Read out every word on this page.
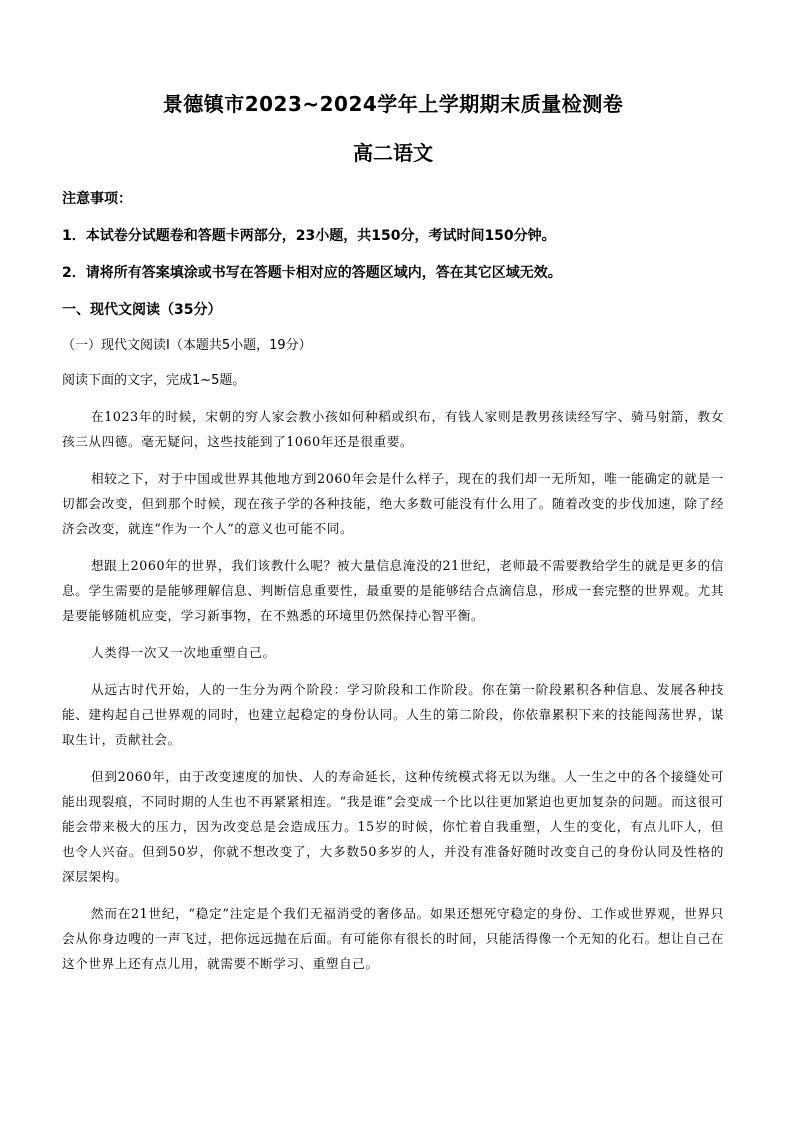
景德镇市2023~2024学年上学期期末质量检测卷
高二语文

注意事项：

1．本试卷分试题卷和答题卡两部分，23小题，共150分，考试时间150分钟。

2．请将所有答案填涂或书写在答题卡相对应的答题区域内，答在其它区域无效。

一、现代文阅读（35分）

（一）现代文阅读Ⅰ（本题共5小题，19分）

阅读下面的文字，完成1~5题。

在1023年的时候，宋朝的穷人家会教小孩如何种稻或织布，有钱人家则是教男孩读经写字、骑马射箭，教女孩三从四德。毫无疑问，这些技能到了1060年还是很重要。

相较之下，对于中国或世界其他地方到2060年会是什么样子，现在的我们却一无所知，唯一能确定的就是一切都会改变，但到那个时候，现在孩子学的各种技能，绝大多数可能没有什么用了。随着改变的步伐加速，除了经济会改变，就连“作为一个人”的意义也可能不同。

想跟上2060年的世界，我们该教什么呢？被大量信息淹没的21世纪，老师最不需要教给学生的就是更多的信息。学生需要的是能够理解信息、判断信息重要性，最重要的是能够结合点滴信息，形成一套完整的世界观。尤其是要能够随机应变，学习新事物，在不熟悉的环境里仍然保持心智平衡。

人类得一次又一次地重塑自己。

从远古时代开始，人的一生分为两个阶段：学习阶段和工作阶段。你在第一阶段累积各种信息、发展各种技能、建构起自己世界观的同时，也建立起稳定的身份认同。人生的第二阶段，你依靠累积下来的技能闯荡世界，谋取生计，贡献社会。

但到2060年，由于改变速度的加快、人的寿命延长，这种传统模式将无以为继。人一生之中的各个接缝处可能出现裂痕，不同时期的人生也不再紧紧相连。“我是谁”会变成一个比以往更加紧迫也更加复杂的问题。而这很可能会带来极大的压力，因为改变总是会造成压力。15岁的时候，你忙着自我重塑，人生的变化，有点儿吓人，但也令人兴奋。但到50岁，你就不想改变了，大多数50多岁的人，并没有准备好随时改变自己的身份认同及性格的深层架构。

然而在21世纪，“稳定”注定是个我们无福消受的奢侈品。如果还想死守稳定的身份、工作或世界观，世界只会从你身边嗖的一声飞过，把你远远抛在后面。有可能你有很长的时间，只能活得像一个无知的化石。想让自己在这个世界上还有点儿用，就需要不断学习、重塑自己。
